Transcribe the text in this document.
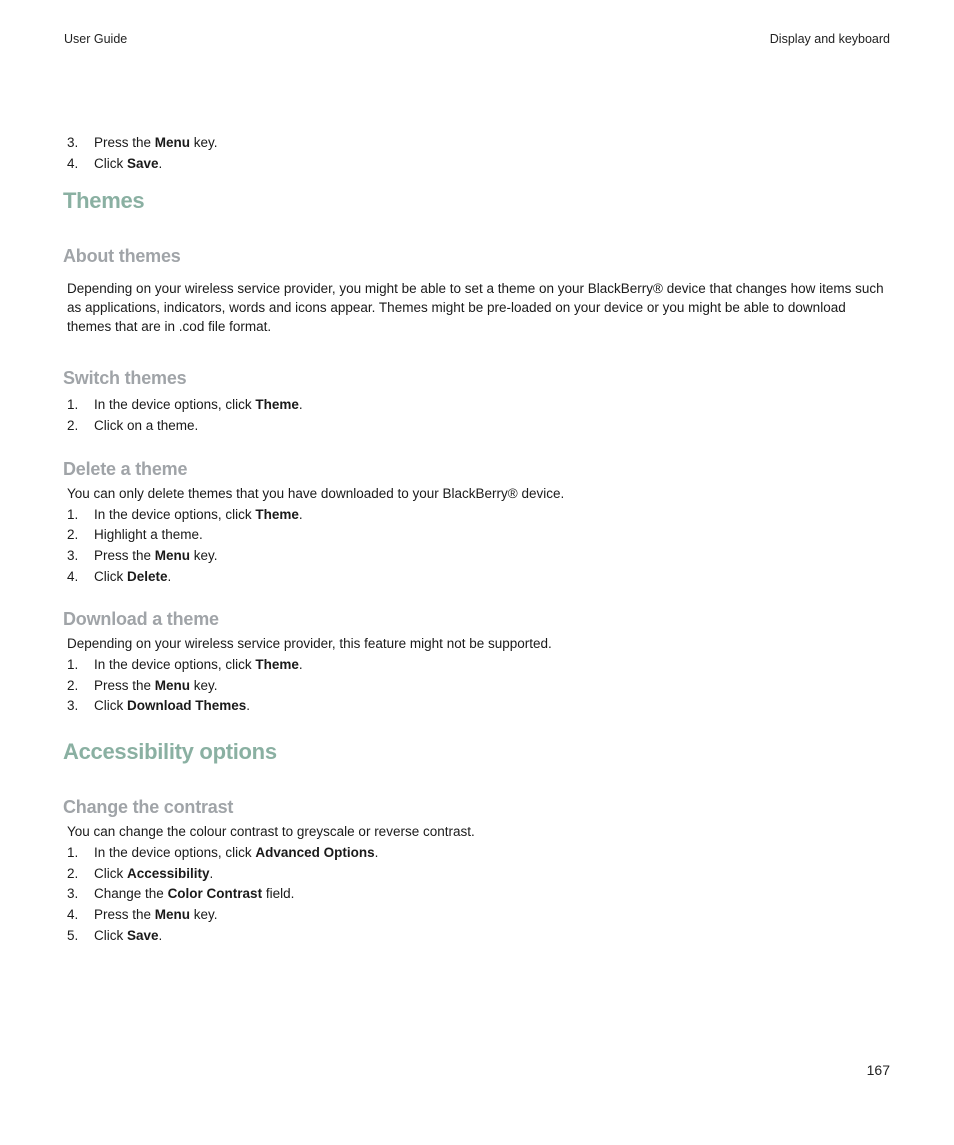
User Guide	Display and keyboard
3.	Press the Menu key.
4.	Click Save.
Themes
About themes
Depending on your wireless service provider, you might be able to set a theme on your BlackBerry® device that changes how items such as applications, indicators, words and icons appear. Themes might be pre-loaded on your device or you might be able to download themes that are in .cod file format.
Switch themes
1.	In the device options, click Theme.
2.	Click on a theme.
Delete a theme
You can only delete themes that you have downloaded to your BlackBerry® device.
1.	In the device options, click Theme.
2.	Highlight a theme.
3.	Press the Menu key.
4.	Click Delete.
Download a theme
Depending on your wireless service provider, this feature might not be supported.
1.	In the device options, click Theme.
2.	Press the Menu key.
3.	Click Download Themes.
Accessibility options
Change the contrast
You can change the colour contrast to greyscale or reverse contrast.
1.	In the device options, click Advanced Options.
2.	Click Accessibility.
3.	Change the Color Contrast field.
4.	Press the Menu key.
5.	Click Save.
167
